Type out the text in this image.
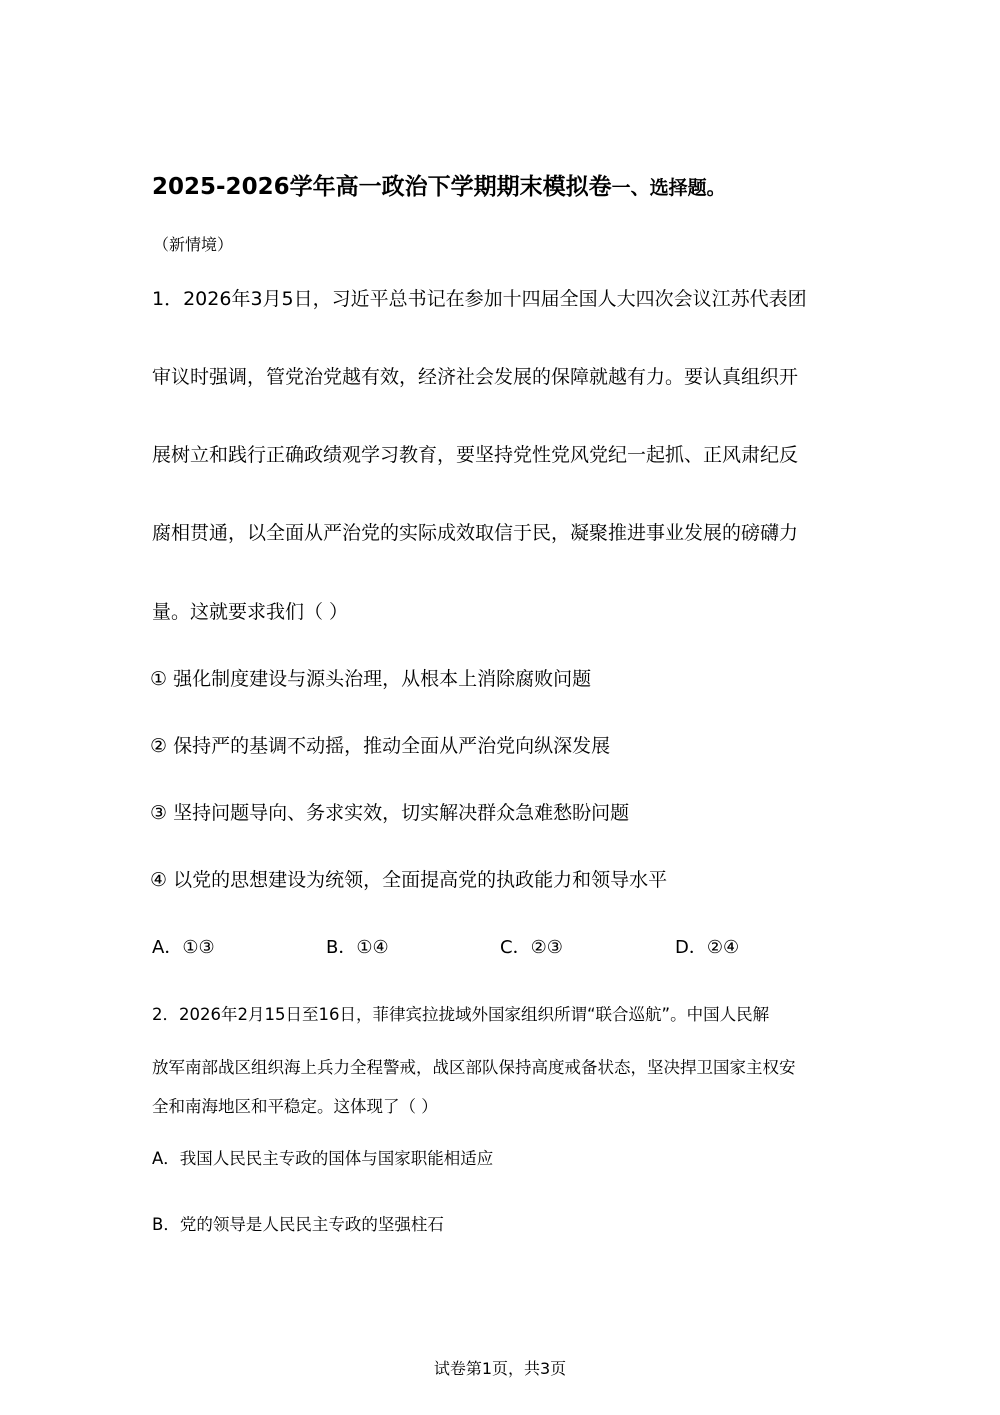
2025-2026学年高一政治下学期期末模拟卷一、选择题。
（新情境）
1．2026年3月5日，习近平总书记在参加十四届全国人大四次会议江苏代表团
审议时强调，管党治党越有效，经济社会发展的保障就越有力。要认真组织开
展树立和践行正确政绩观学习教育，要坚持党性党风党纪一起抓、正风肃纪反
腐相贯通，以全面从严治党的实际成效取信于民，凝聚推进事业发展的磅礴力
量。这就要求我们（ ）
① 强化制度建设与源头治理，从根本上消除腐败问题
② 保持严的基调不动摇，推动全面从严治党向纵深发展
③ 坚持问题导向、务求实效，切实解决群众急难愁盼问题
④ 以党的思想建设为统领，全面提高党的执政能力和领导水平
A．①③	B．①④	C．②③	D．②④
2．2026年2月15日至16日，菲律宾拉拢域外国家组织所谓“联合巡航”。中国人民解
放军南部战区组织海上兵力全程警戒，战区部队保持高度戒备状态，坚决捍卫国家主权安
全和南海地区和平稳定。这体现了（ ）
A．我国人民民主专政的国体与国家职能相适应
B．党的领导是人民民主专政的坚强柱石
试卷第1页，共3页
